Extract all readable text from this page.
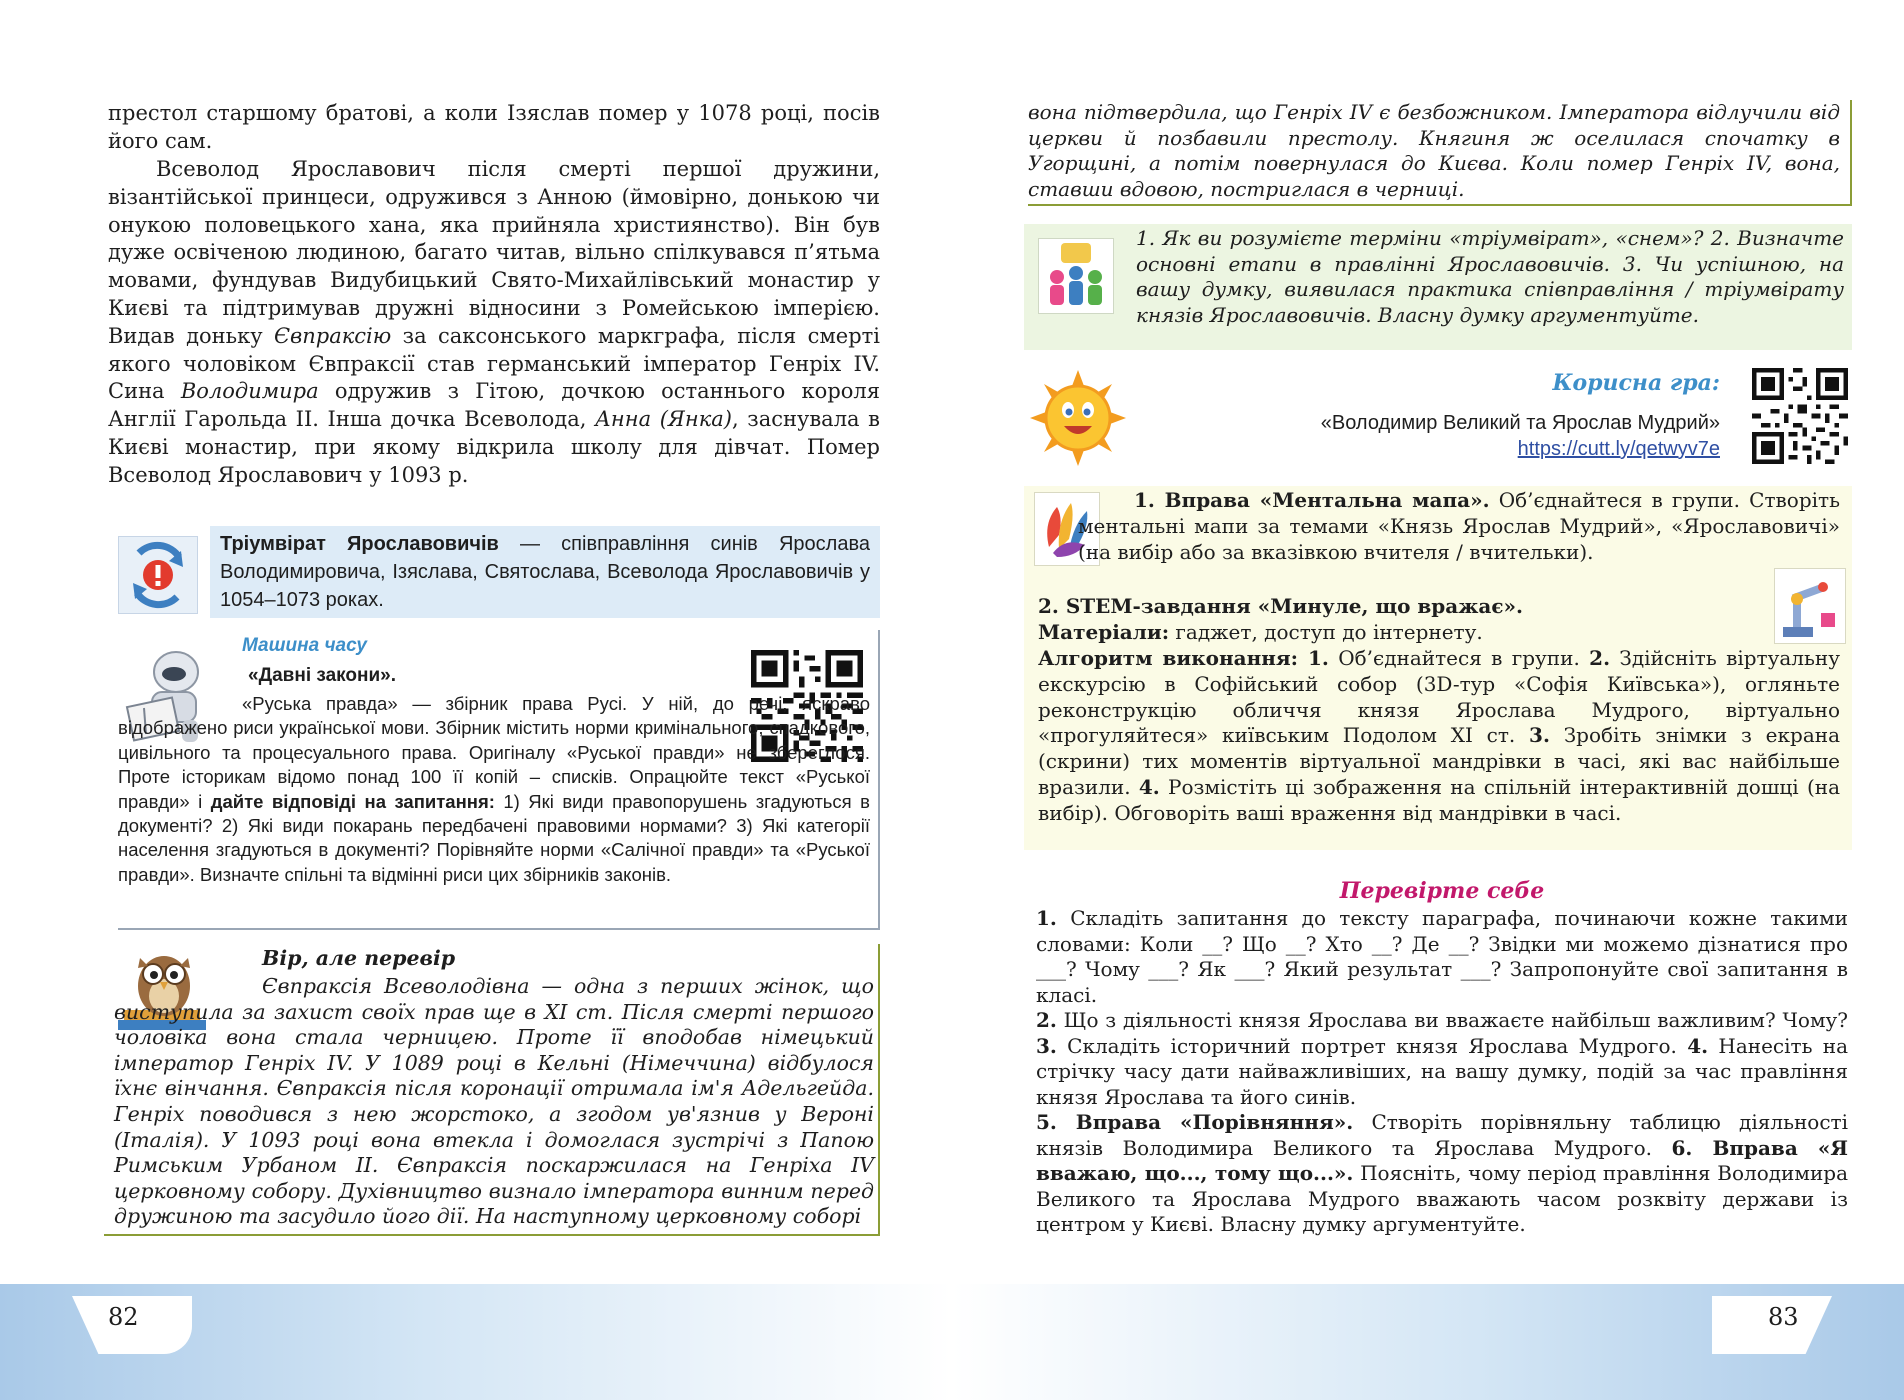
престол старшому братові, а коли Ізяслав помер у 1078 році, посів його сам.

Всеволод Ярославович після смерті першої дружини, візантійської принцеси, одружився з Анною (ймовірно, донькою чи онукою половецького хана, яка прийняла християнство). Він був дуже освіченою людиною, багато читав, вільно спілкувався п’ятьма мовами, фундував Видубицький Свято-Михайлівський монастир у Києві та підтримував дружні відносини з Ромейською імперією. Видав доньку Євпраксію за саксонського маркграфа, після смерті якого чоловіком Євпраксії став германський імператор Генріх IV. Сина Володимира одружив з Гітою, дочкою останнього короля Англії Гарольда II. Інша дочка Всеволода, Анна (Янка), заснувала в Києві монастир, при якому відкрила школу для дівчат. Помер Всеволод Ярославович у 1093 р.

Тріумвірат Ярославовичів — співправління синів Ярослава Володимировича, Ізяслава, Святослава, Всеволода Ярославовичів у 1054–1073 роках.
Машина часу
«Давні закони».
«Руська правда» — збірник права Русі. У ній, до речі, яскраво відображено риси української мови. Збірник містить норми кримінального, спадкового, цивільного та процесуального права. Оригіналу «Руської правди» не збереглося. Проте історикам відомо понад 100 її копій – списків. Опрацюйте текст «Руської правди» і дайте відповіді на запитання: 1) Які види правопорушень згадуються в документі? 2) Які види покарань передбачені правовими нормами? 3) Які категорії населення згадуються в документі? Порівняйте норми «Салічної правди» та «Руської правди». Визначте спільні та відмінні риси цих збірників законів.
Вір, але перевір
Євпраксія Всеволодівна — одна з перших жінок, що виступила за захист своїх прав ще в XI ст. Після смерті першого чоловіка вона стала черницею. Проте її вподобав німецький імператор Генріх IV. У 1089 році в Кельні (Німеччина) відбулося їхнє вінчання. Євпраксія після коронації отримала ім'я Адельгейда. Генріх поводився з нею жорстоко, а згодом ув'язнив у Вероні (Італія). У 1093 році вона втекла і домоглася зустрічі з Папою Римським Урбаном II. Євпраксія поскаржилася на Генріха IV церковному собору. Духівництво визнало імператора винним перед дружиною та засудило його дії. На наступному церковному соборі
82

вона підтвердила, що Генріх IV є безбожником. Імператора відлучили від церкви й позбавили престолу. Княгиня ж оселилася спочатку в Угорщині, а потім повернулася до Києва. Коли помер Генріх IV, вона, ставши вдовою, постриглася в черниці.

1. Як ви розумієте терміни «тріумвірат», «снем»? 2. Визначте основні етапи в правлінні Ярославовичів. 3. Чи успішною, на вашу думку, виявилася практика співправління / тріумвірату князів Ярославовичів. Власну думку аргументуйте.

Корисна гра:
«Володимир Великий та Ярослав Мудрий»
https://cutt.ly/qetwyv7e
1. Вправа «Ментальна мапа». Об’єднайтеся в групи. Створіть ментальні мапи за темами «Князь Ярослав Мудрий», «Ярославовичі» (на вибір або за вказівкою вчителя / вчительки).
2. STEM-завдання «Минуле, що вражає».
Матеріали: гаджет, доступ до інтернету.
Алгоритм виконання: 1. Об’єднайтеся в групи. 2. Здійсніть віртуальну екскурсію в Софійський собор (3D-тур «Софія Київська»), огляньте реконструкцію обличчя князя Ярослава Мудрого, віртуально «прогуляйтеся» київським Подолом XI ст. 3. Зробіть знімки з екрана (скрини) тих моментів віртуальної мандрівки в часі, які вас найбільше вразили. 4. Розмістіть ці зображення на спільній інтерактивній дошці (на вибір). Обговоріть ваші враження від мандрівки в часі.
Перевірте себе
1. Складіть запитання до тексту параграфа, починаючи кожне такими словами: Коли __? Що __? Хто __? Де __? Звідки ми можемо дізнатися про ___? Чому ___? Як ___? Який результат ___? Запропонуйте свої запитання в класі.
2. Що з діяльності князя Ярослава ви вважаєте найбільш важливим? Чому? 3. Складіть історичний портрет князя Ярослава Мудрого. 4. Нанесіть на стрічку часу дати найважливіших, на вашу думку, подій за час правління князя Ярослава та його синів.
5. Вправа «Порівняння». Створіть порівняльну таблицю діяльності князів Володимира Великого та Ярослава Мудрого. 6. Вправа «Я вважаю, що..., тому що...». Поясніть, чому період правління Володимира Великого та Ярослава Мудрого вважають часом розквіту держави із центром у Києві. Власну думку аргументуйте.
83
